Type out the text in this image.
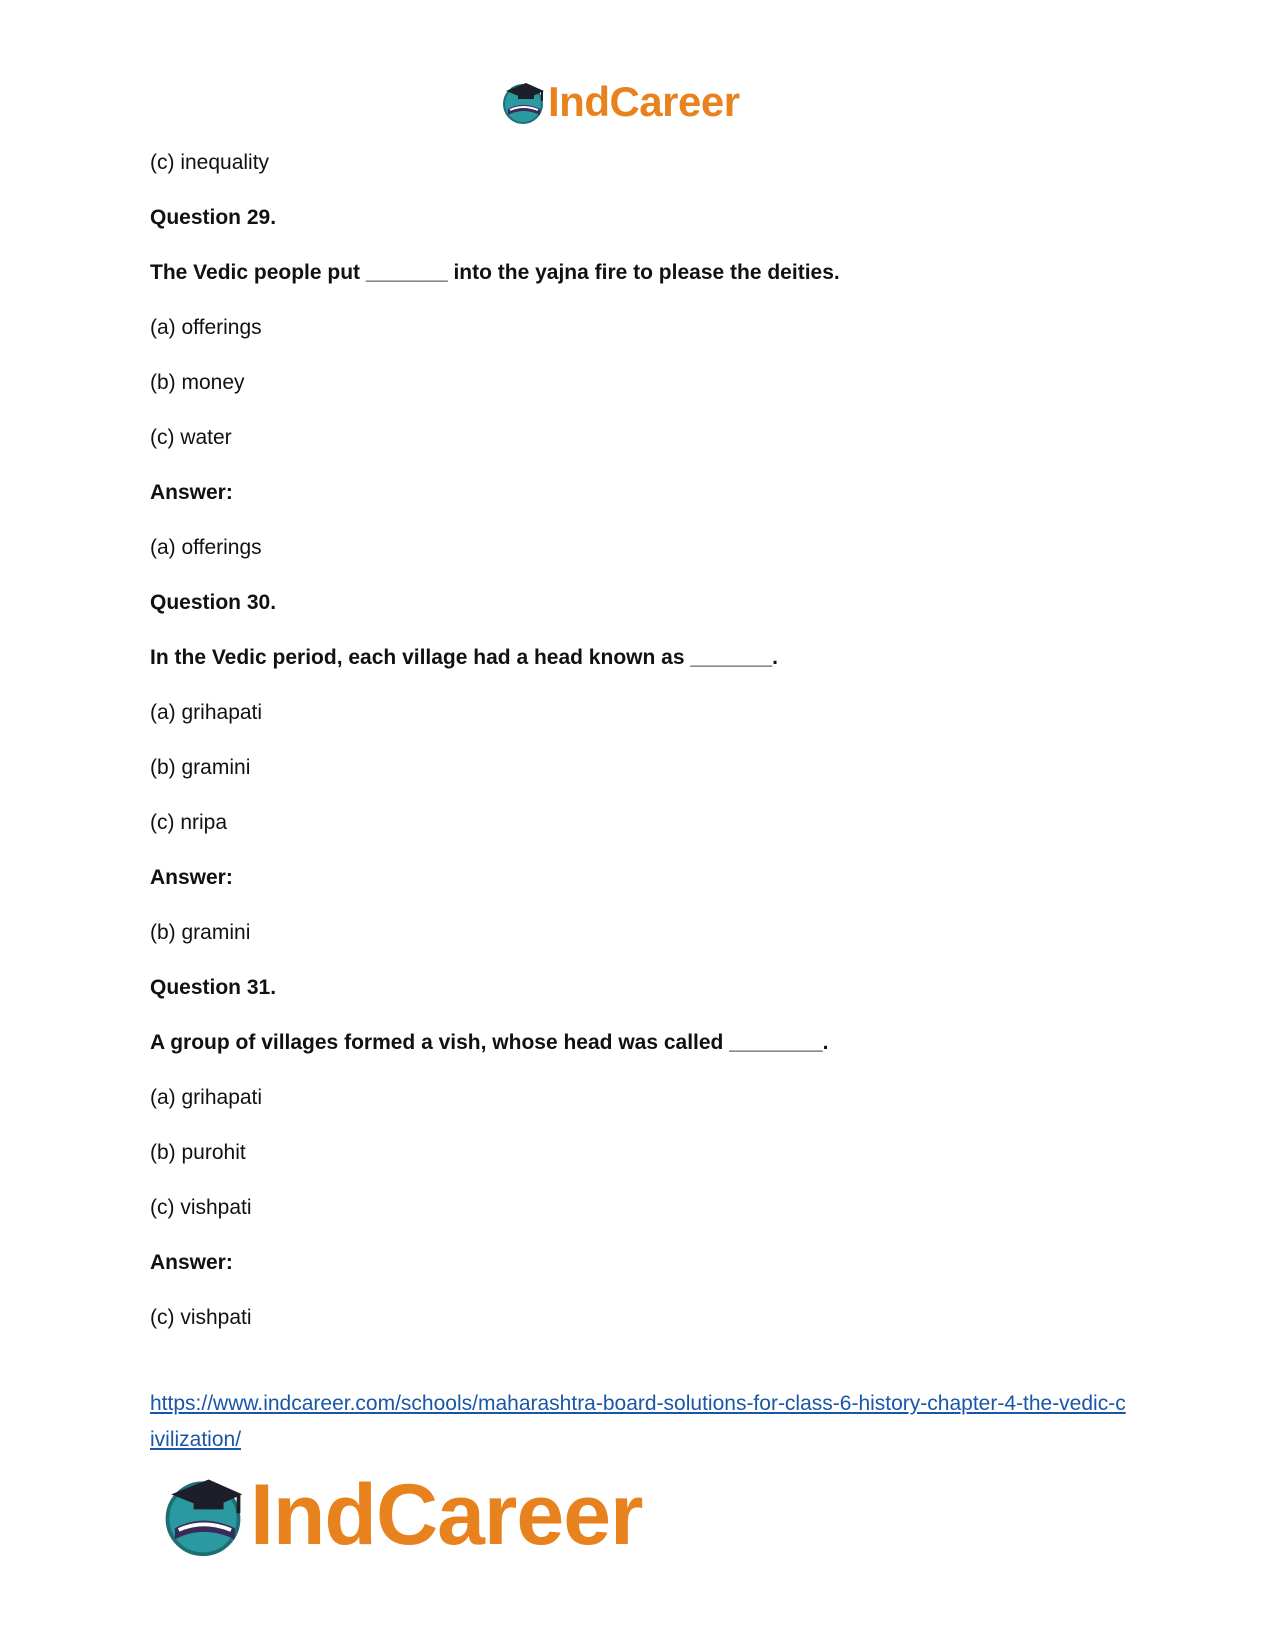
IndCareer
(c) inequality
Question 29.
The Vedic people put _______ into the yajna fire to please the deities.
(a) offerings
(b) money
(c) water
Answer:
(a) offerings
Question 30.
In the Vedic period, each village had a head known as _______.
(a) grihapati
(b) gramini
(c) nripa
Answer:
(b) gramini
Question 31.
A group of villages formed a vish, whose head was called ________.
(a) grihapati
(b) purohit
(c) vishpati
Answer:
(c) vishpati
https://www.indcareer.com/schools/maharashtra-board-solutions-for-class-6-history-chapter-4-the-vedic-civilization/
IndCareer
